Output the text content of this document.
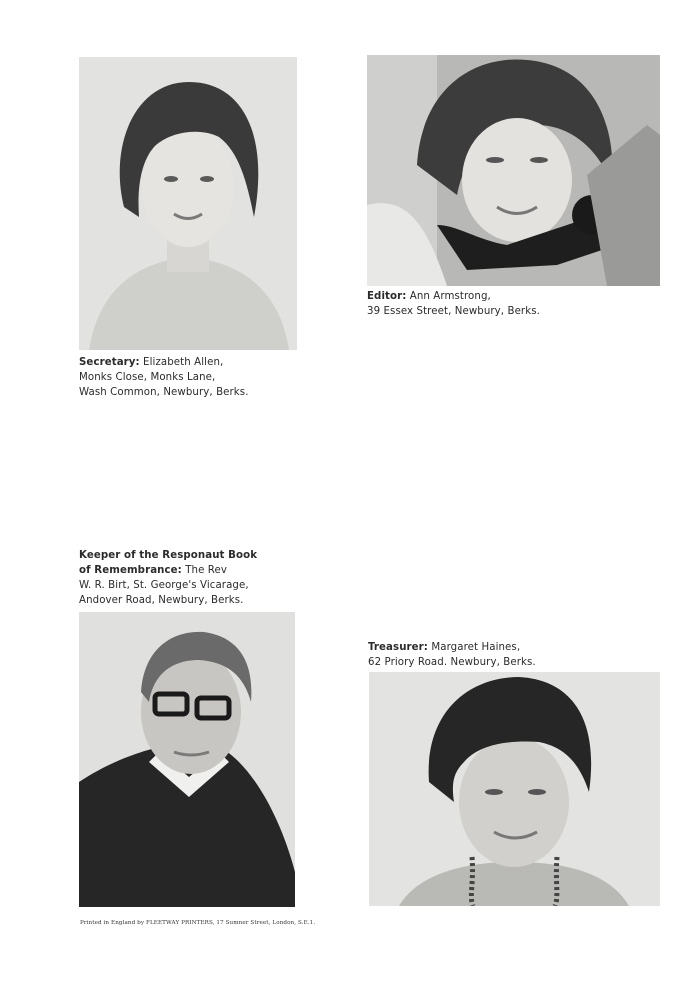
Secretary: Elizabeth Allen,
Monks Close, Monks Lane,
Wash Common, Newbury, Berks.
Editor: Ann Armstrong,
39 Essex Street, Newbury, Berks.
Keeper of the Responaut Book
of Remembrance: The Rev
W. R. Birt, St. George's Vicarage,
Andover Road, Newbury, Berks.
Treasurer: Margaret Haines,
62 Priory Road. Newbury, Berks.
Printed in England by FLEETWAY PRINTERS, 17 Sumner Street, London, S.E.1.
